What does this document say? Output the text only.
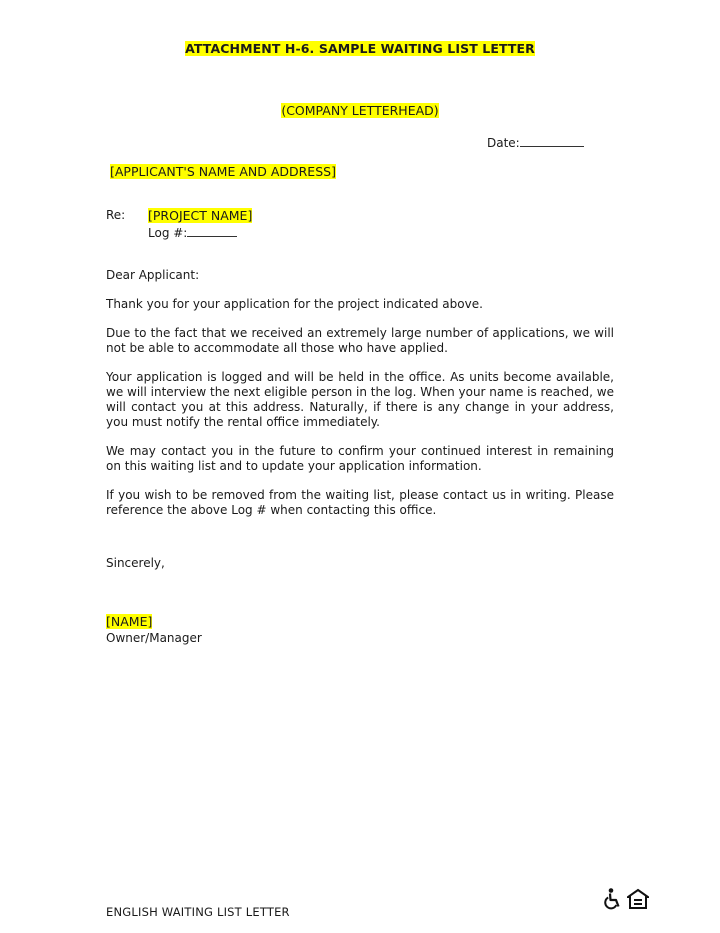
ATTACHMENT H-6. SAMPLE WAITING LIST LETTER
(COMPANY LETTERHEAD)
Date:
[APPLICANT'S NAME AND ADDRESS]
Re: [PROJECT NAME]
Log #:

Dear Applicant:

Thank you for your application for the project indicated above.

Due to the fact that we received an extremely large number of applications, we will not be able to accommodate all those who have applied.

Your application is logged and will be held in the office. As units become available, we will interview the next eligible person in the log. When your name is reached, we will contact you at this address. Naturally, if there is any change in your address, you must notify the rental office immediately.

We may contact you in the future to confirm your continued interest in remaining on this waiting list and to update your application information.

If you wish to be removed from the waiting list, please contact us in writing. Please reference the above Log # when contacting this office.

Sincerely,
[NAME]
Owner/Manager
ENGLISH WAITING LIST LETTER
